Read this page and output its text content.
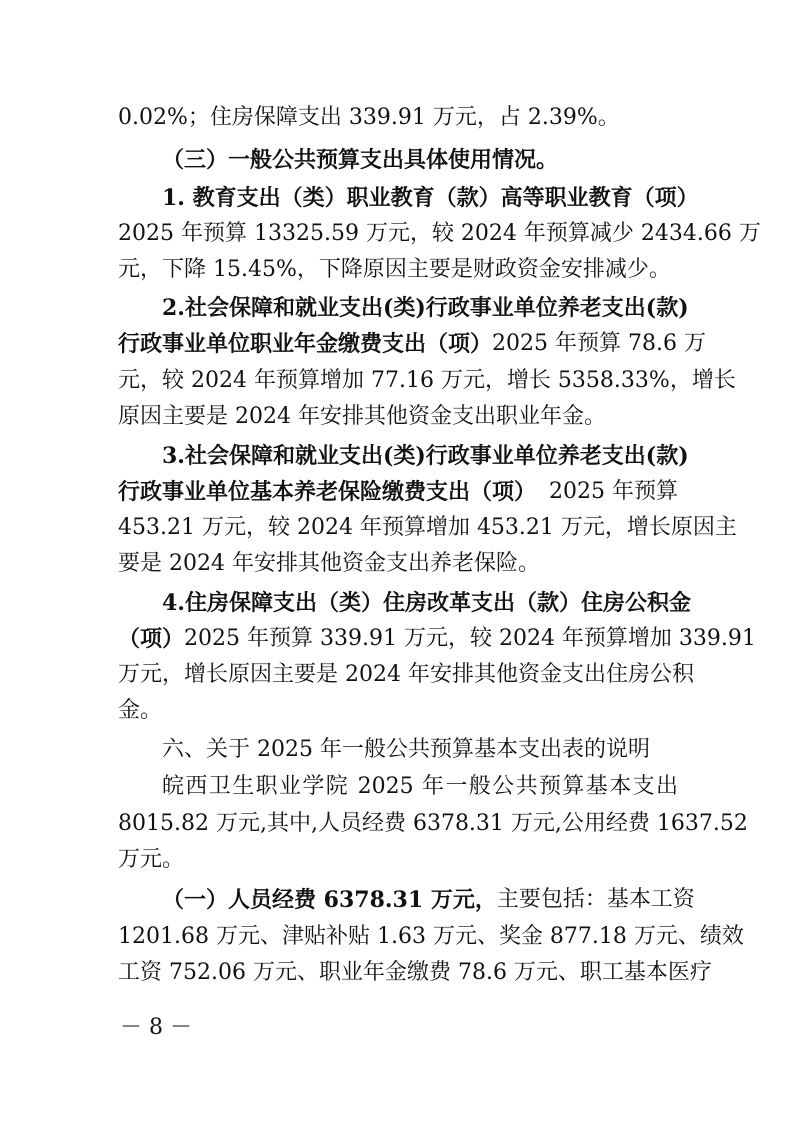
0.02%；住房保障支出 339.91 万元，占 2.39%。
（三）一般公共预算支出具体使用情况。
1. 教育支出（类）职业教育（款）高等职业教育（项）
2025 年预算 13325.59 万元，较 2024 年预算减少 2434.66 万
元，下降 15.45%，下降原因主要是财政资金安排减少。
2.社会保障和就业支出(类)行政事业单位养老支出(款)
行政事业单位职业年金缴费支出（项） 2025 年预算 78.6 万
元，较 2024 年预算增加 77.16 万元，增长 5358.33%，增长
原因主要是 2024 年安排其他资金支出职业年金。
3.社会保障和就业支出(类)行政事业单位养老支出(款)
行政事业单位基本养老保险缴费支出（项） 2025 年预算
453.21 万元，较 2024 年预算增加 453.21 万元，增长原因主
要是 2024 年安排其他资金支出养老保险。
4.住房保障支出（类）住房改革支出（款）住房公积金
（项） 2025 年预算 339.91 万元，较 2024 年预算增加 339.91
万元，增长原因主要是 2024 年安排其他资金支出住房公积
金。
六、关于 2025 年一般公共预算基本支出表的说明
皖西卫生职业学院 2025 年一般公共预算基本支出
8015.82 万元,其中,人员经费 6378.31 万元,公用经费 1637.52
万元。
（一）人员经费 6378.31 万元， 主要包括：基本工资
1201.68 万元、津贴补贴 1.63 万元、奖金 877.18 万元、绩效
工资 752.06 万元、职业年金缴费 78.6 万元、职工基本医疗
－ 8 －
